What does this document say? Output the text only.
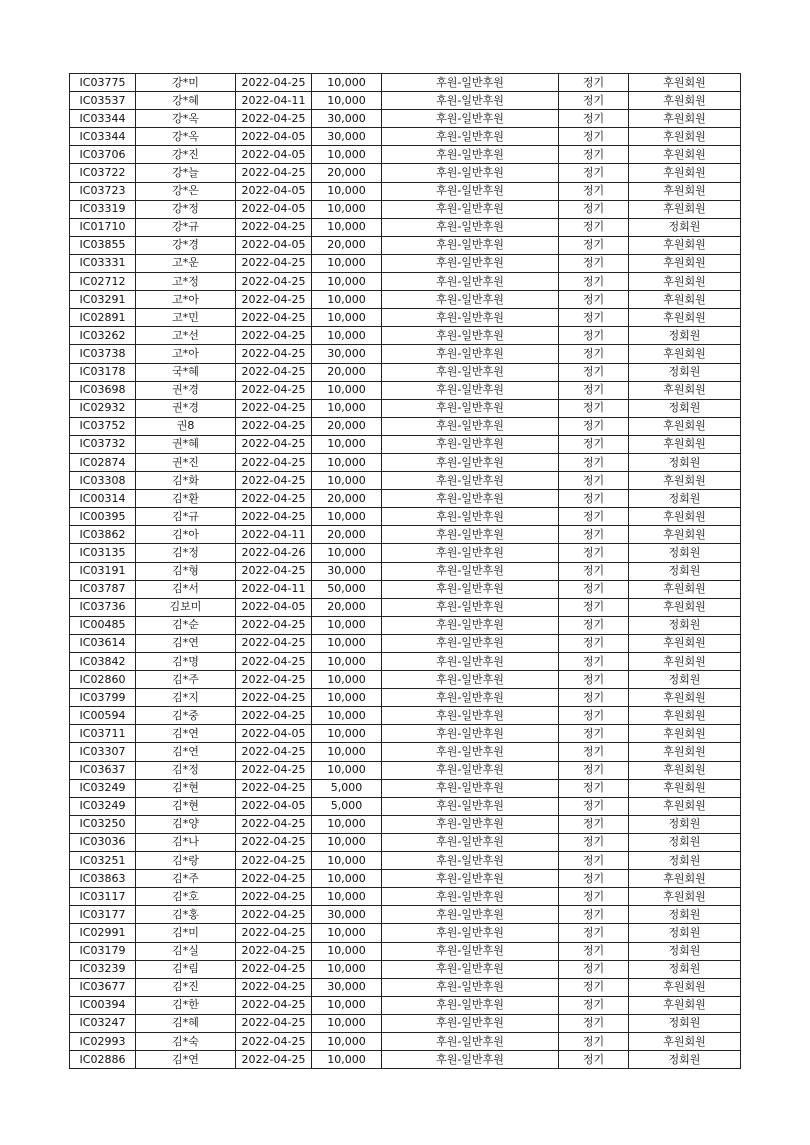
IC03775	강*미	2022-04-25	10,000	후원-일반후원	정기	후원회원
IC03537	강*혜	2022-04-11	10,000	후원-일반후원	정기	후원회원
IC03344	강*옥	2022-04-25	30,000	후원-일반후원	정기	후원회원
IC03344	강*옥	2022-04-05	30,000	후원-일반후원	정기	후원회원
IC03706	강*진	2022-04-05	10,000	후원-일반후원	정기	후원회원
IC03722	강*늘	2022-04-25	20,000	후원-일반후원	정기	후원회원
IC03723	강*은	2022-04-05	10,000	후원-일반후원	정기	후원회원
IC03319	강*정	2022-04-05	10,000	후원-일반후원	정기	후원회원
IC01710	강*규	2022-04-25	10,000	후원-일반후원	정기	정회원
IC03855	강*경	2022-04-05	20,000	후원-일반후원	정기	후원회원
IC03331	고*운	2022-04-25	10,000	후원-일반후원	정기	후원회원
IC02712	고*정	2022-04-25	10,000	후원-일반후원	정기	후원회원
IC03291	고*아	2022-04-25	10,000	후원-일반후원	정기	후원회원
IC02891	고*민	2022-04-25	10,000	후원-일반후원	정기	후원회원
IC03262	고*선	2022-04-25	10,000	후원-일반후원	정기	정회원
IC03738	고*아	2022-04-25	30,000	후원-일반후원	정기	후원회원
IC03178	국*혜	2022-04-25	20,000	후원-일반후원	정기	정회원
IC03698	권*경	2022-04-25	10,000	후원-일반후원	정기	후원회원
IC02932	권*경	2022-04-25	10,000	후원-일반후원	정기	정회원
IC03752	권8	2022-04-25	20,000	후원-일반후원	정기	후원회원
IC03732	권*혜	2022-04-25	10,000	후원-일반후원	정기	후원회원
IC02874	권*진	2022-04-25	10,000	후원-일반후원	정기	정회원
IC03308	김*화	2022-04-25	10,000	후원-일반후원	정기	후원회원
IC00314	김*환	2022-04-25	20,000	후원-일반후원	정기	정회원
IC00395	김*규	2022-04-25	10,000	후원-일반후원	정기	후원회원
IC03862	김*아	2022-04-11	20,000	후원-일반후원	정기	후원회원
IC03135	김*정	2022-04-26	10,000	후원-일반후원	정기	정회원
IC03191	김*형	2022-04-25	30,000	후원-일반후원	정기	정회원
IC03787	김*서	2022-04-11	50,000	후원-일반후원	정기	후원회원
IC03736	김보미	2022-04-05	20,000	후원-일반후원	정기	후원회원
IC00485	김*순	2022-04-25	10,000	후원-일반후원	정기	정회원
IC03614	김*연	2022-04-25	10,000	후원-일반후원	정기	후원회원
IC03842	김*명	2022-04-25	10,000	후원-일반후원	정기	후원회원
IC02860	김*주	2022-04-25	10,000	후원-일반후원	정기	정회원
IC03799	김*지	2022-04-25	10,000	후원-일반후원	정기	후원회원
IC00594	김*중	2022-04-25	10,000	후원-일반후원	정기	후원회원
IC03711	김*연	2022-04-05	10,000	후원-일반후원	정기	후원회원
IC03307	김*연	2022-04-25	10,000	후원-일반후원	정기	후원회원
IC03637	김*정	2022-04-25	10,000	후원-일반후원	정기	후원회원
IC03249	김*현	2022-04-25	5,000	후원-일반후원	정기	후원회원
IC03249	김*현	2022-04-05	5,000	후원-일반후원	정기	후원회원
IC03250	김*양	2022-04-25	10,000	후원-일반후원	정기	정회원
IC03036	김*나	2022-04-25	10,000	후원-일반후원	정기	정회원
IC03251	김*랑	2022-04-25	10,000	후원-일반후원	정기	정회원
IC03863	김*주	2022-04-25	10,000	후원-일반후원	정기	후원회원
IC03117	김*호	2022-04-25	10,000	후원-일반후원	정기	후원회원
IC03177	김*홍	2022-04-25	30,000	후원-일반후원	정기	정회원
IC02991	김*미	2022-04-25	10,000	후원-일반후원	정기	정회원
IC03179	김*실	2022-04-25	10,000	후원-일반후원	정기	정회원
IC03239	김*림	2022-04-25	10,000	후원-일반후원	정기	정회원
IC03677	김*진	2022-04-25	30,000	후원-일반후원	정기	후원회원
IC00394	김*한	2022-04-25	10,000	후원-일반후원	정기	후원회원
IC03247	김*혜	2022-04-25	10,000	후원-일반후원	정기	정회원
IC02993	김*숙	2022-04-25	10,000	후원-일반후원	정기	후원회원
IC02886	김*연	2022-04-25	10,000	후원-일반후원	정기	정회원
